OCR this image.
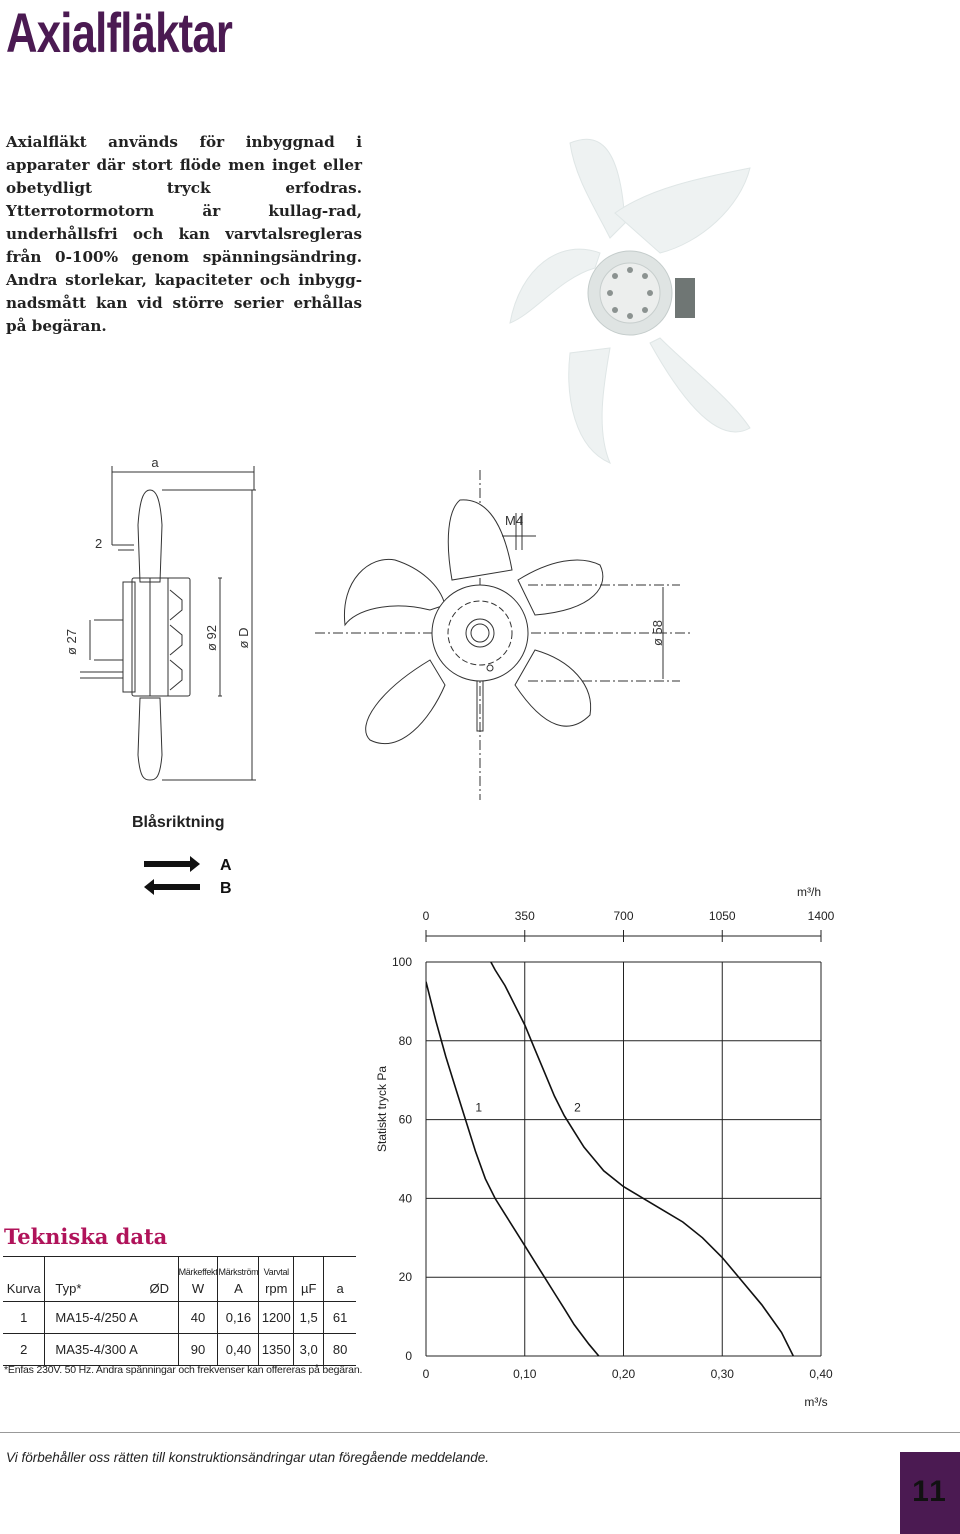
Axialfläktar
Axialfläkt används för inbyggnad i apparater där stort flöde men inget eller obetydligt tryck erfodras. Ytterrotormotorn är kullag-rad, underhållsfri och kan varvtalsregleras från 0-100% genom spänningsändring. Andra storlekar, kapaciteter och inbygg-nadsmått kan vid större serier erhållas på begäran.
a
2
ø 27	ø 92 ø D
M4
ø 58
Blåsriktning
A
B
0	0,10	0,20	0,30	0,40
m³/s
0
20
40
60
80
100
Statiskt tryck Pa
0	350	700	1050	1400
m³/h
1	2
Tekniska data
			Märkeffekt	Märkström	Varvtal		
Kurva	Typ*	ØD	W	A	rpm	µF	a
1	MA15-4/250 A		40	0,16	1200	1,5	61
2	MA35-4/300 A		90	0,40	1350	3,0	80
*Enfas 230V. 50 Hz. Andra spänningar och frekvenser kan offereras på begäran.
Vi förbehåller oss rätten till konstruktionsändringar utan föregående meddelande.
11
